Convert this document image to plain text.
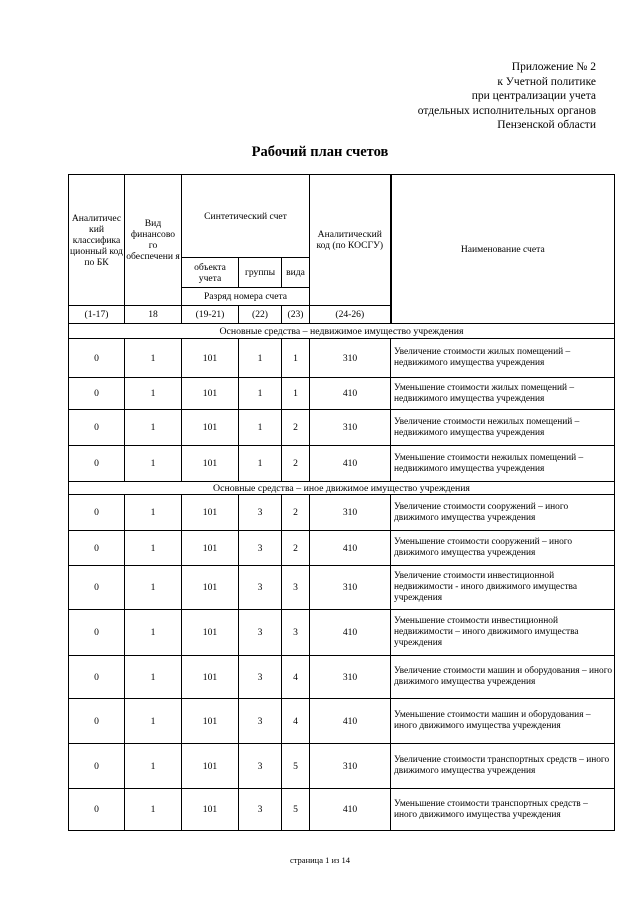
Приложение № 2
к Учетной политике
при централизации учета
отдельных исполнительных органов
Пензенской области
Рабочий план счетов
Аналитичес кий классифика ционный код по БК	Вид финансово го обеспечени я	Синтетический счет			Аналитический код (по КОСГУ)	Наименование счета
		объекта учета	группы	вида		
		Разряд номера счета				
(1-17)	18	(19-21)	(22)	(23)	(24-26)	
Основные средства – недвижимое имущество учреждения						
0	1	101	1	1	310	Увеличение стоимости жилых помещений – недвижимого имущества учреждения
0	1	101	1	1	410	Уменьшение стоимости жилых помещений – недвижимого имущества учреждения
0	1	101	1	2	310	Увеличение стоимости нежилых помещений – недвижимого имущества учреждения
0	1	101	1	2	410	Уменьшение стоимости нежилых помещений – недвижимого имущества учреждения
Основные средства – иное движимое имущество учреждения						
0	1	101	3	2	310	Увеличение стоимости сооружений – иного движимого имущества учреждения
0	1	101	3	2	410	Уменьшение стоимости сооружений – иного движимого имущества учреждения
0	1	101	3	3	310	Увеличение стоимости инвестиционной недвижимости - иного движимого имущества учреждения
0	1	101	3	3	410	Уменьшение стоимости инвестиционной недвижимости – иного движимого имущества учреждения
0	1	101	3	4	310	Увеличение стоимости машин и оборудования – иного движимого имущества учреждения
0	1	101	3	4	410	Уменьшение стоимости машин и оборудования – иного движимого имущества учреждения
0	1	101	3	5	310	Увеличение стоимости транспортных средств – иного движимого имущества учреждения
0	1	101	3	5	410	Уменьшение стоимости транспортных средств – иного движимого имущества учреждения
страница 1 из 14
